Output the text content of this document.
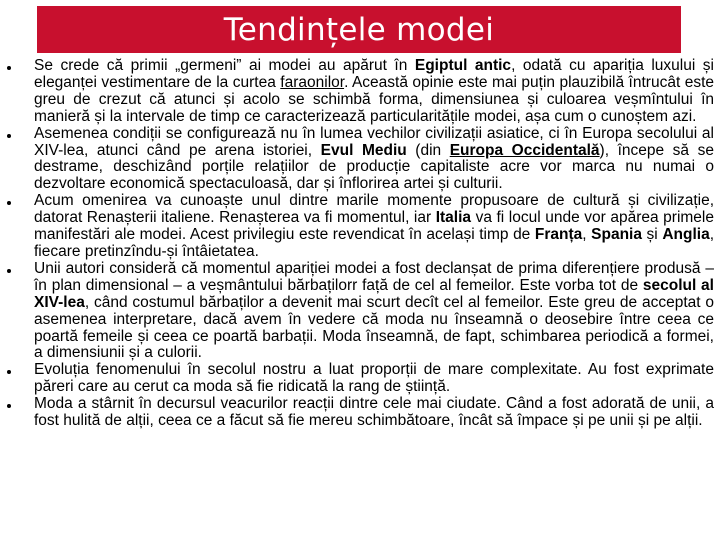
Tendințele modei
Se crede că primii „germeni” ai modei au apărut în Egiptul antic, odată cu apariția luxului și eleganței vestimentare de la curtea faraonilor. Această opinie este mai puțin plauzibilă întrucât este greu de crezut că atunci și acolo se schimbă forma, dimensiunea și culoarea veșmîntului în manieră și la intervale de timp ce caracterizează particularitățile modei, așa cum o cunoștem azi.
Asemenea condiții se configurează nu în lumea vechilor civilizații asiatice, ci în Europa secolului al XIV-lea, atunci când pe arena istoriei, Evul Mediu (din Europa Occidentală), începe să se destrame, deschizând porțile relațiilor de producție capitaliste acre vor marca nu numai o dezvoltare economică spectaculoasă, dar și înflorirea artei și culturii.
Acum omenirea va cunoaște unul dintre marile momente propusoare de cultură și civilizație, datorat Renașterii italiene. Renașterea va fi momentul, iar Italia va fi locul unde vor apărea primele manifestări ale modei. Acest privilegiu este revendicat în același timp de Franța, Spania și Anglia, fiecare pretinzîndu-și întâietatea.
Unii autori consideră că momentul apariției modei a fost declanșat de prima diferențiere produsă – în plan dimensional – a veșmântului bărbațilorr față de cel al femeilor. Este vorba tot de secolul al XIV-lea, când costumul bărbaților a devenit mai scurt decît cel al femeilor. Este greu de acceptat o asemenea interpretare, dacă avem în vedere că moda nu înseamnă o deosebire între ceea ce poartă femeile și ceea ce poartă barbații. Moda înseamnă, de fapt, schimbarea periodică a formei, a dimensiunii și a culorii.
Evoluția fenomenului în secolul nostru a luat proporții de mare complexitate. Au fost exprimate păreri care au cerut ca moda să fie ridicată la rang de știință.
Moda a stârnit în decursul veacurilor reacții dintre cele mai ciudate. Când a fost adorată de unii, a fost hulită de alții, ceea ce a făcut să fie mereu schimbătoare, încât să împace și pe unii și pe alții.
